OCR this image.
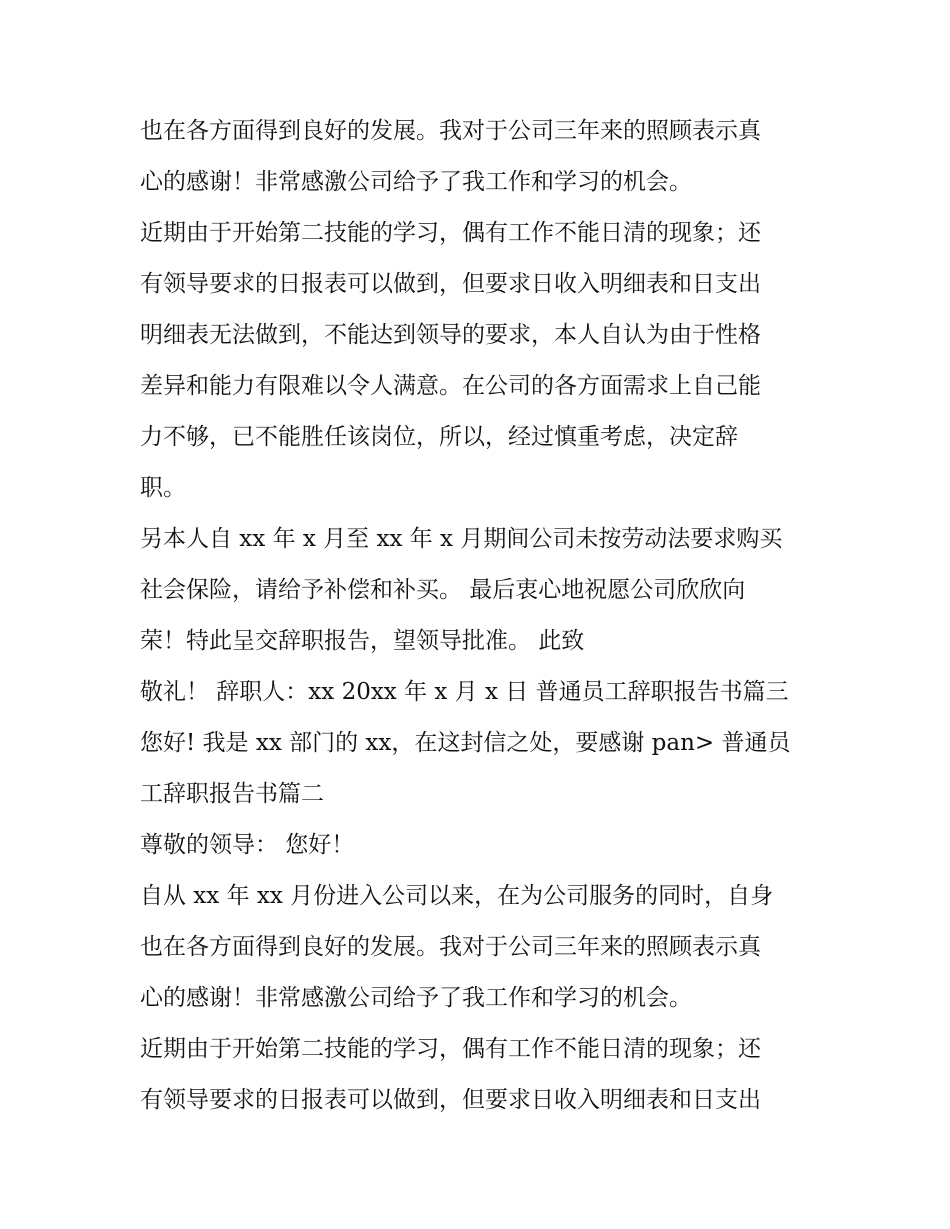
也在各方面得到良好的发展。我对于公司三年来的照顾表示真
心的感谢！非常感激公司给予了我工作和学习的机会。
近期由于开始第二技能的学习，偶有工作不能日清的现象；还
有领导要求的日报表可以做到，但要求日收入明细表和日支出
明细表无法做到，不能达到领导的要求，本人自认为由于性格
差异和能力有限难以令人满意。在公司的各方面需求上自己能
力不够，已不能胜任该岗位，所以，经过慎重考虑，决定辞
职。
另本人自 xx 年 x 月至 xx 年 x 月期间公司未按劳动法要求购买
社会保险，请给予补偿和补买。 最后衷心地祝愿公司欣欣向
荣！特此呈交辞职报告，望领导批准。 此致
敬礼！ 辞职人：xx 20xx 年 x 月 x 日 普通员工辞职报告书篇三
您好! 我是 xx 部门的 xx，在这封信之处，要感谢 pan> 普通员
工辞职报告书篇二
尊敬的领导： 您好！
自从 xx 年 xx 月份进入公司以来，在为公司服务的同时，自身
也在各方面得到良好的发展。我对于公司三年来的照顾表示真
心的感谢！非常感激公司给予了我工作和学习的机会。
近期由于开始第二技能的学习，偶有工作不能日清的现象；还
有领导要求的日报表可以做到，但要求日收入明细表和日支出
